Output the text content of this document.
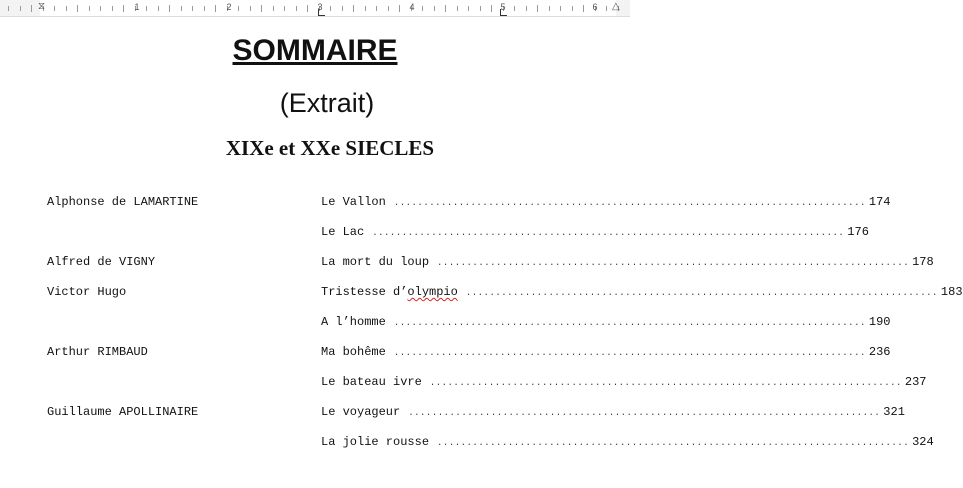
⧖	△
1	2	3	4	5	6
SOMMAIRE
(Extrait)
XIXe et XXe SIECLES
Alphonse de LAMARTINE	Le Vallon ................................................................................ 174
Le Lac ................................................................................ 176
Alfred de VIGNY	La mort du loup ................................................................................ 178
Victor Hugo	Tristesse d’olympio ................................................................................ 183
A l’homme ................................................................................ 190
Arthur RIMBAUD	Ma bohême ................................................................................ 236
Le bateau ivre ................................................................................ 237
Guillaume APOLLINAIRE	Le voyageur ................................................................................ 321
La jolie rousse ................................................................................ 324
